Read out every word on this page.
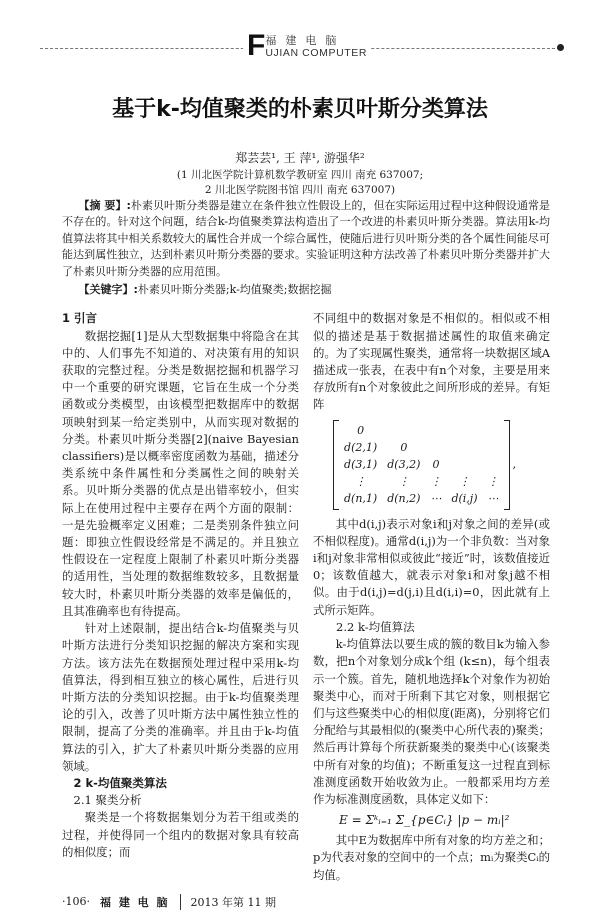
F 福建电脑
UJIAN COMPUTER
基于k-均值聚类的朴素贝叶斯分类算法
郑芸芸¹, 王 萍¹, 游强华²
(1 川北医学院计算机数学教研室 四川 南充 637007;
2 川北医学院图书馆 四川 南充 637007)
【摘 要】:朴素贝叶斯分类器是建立在条件独立性假设上的，但在实际运用过程中这种假设通常是不存在的。针对这个问题，结合k-均值聚类算法构造出了一个改进的朴素贝叶斯分类器。算法用k-均值算法将其中相关系数较大的属性合并成一个综合属性，使随后进行贝叶斯分类的各个属性间能尽可能达到属性独立，达到朴素贝叶斯分类器的要求。实验证明这种方法改善了朴素贝叶斯分类器并扩大了朴素贝叶斯分类器的应用范围。
【关键字】:朴素贝叶斯分类器;k-均值聚类;数据挖掘
1 引言

数据挖掘[1]是从大型数据集中将隐含在其中的、人们事先不知道的、对决策有用的知识获取的完整过程。分类是数据挖掘和机器学习中一个重要的研究课题，它旨在生成一个分类函数或分类模型，由该模型把数据库中的数据项映射到某一给定类别中，从而实现对数据的分类。朴素贝叶斯分类器[2](naive Bayesian classifiers)是以概率密度函数为基础，描述分类系统中条件属性和分类属性之间的映射关系。贝叶斯分类器的优点是出错率较小，但实际上在使用过程中主要存在两个方面的限制：一是先验概率定义困难；二是类别条件独立问题：即独立性假设经常是不满足的。并且独立性假设在一定程度上限制了朴素贝叶斯分类器的适用性，当处理的数据维数较多，且数据量较大时，朴素贝叶斯分类器的效率是偏低的，且其准确率也有待提高。

针对上述限制，提出结合k-均值聚类与贝叶斯方法进行分类知识挖掘的解决方案和实现方法。该方法先在数据预处理过程中采用k-均值算法，得到相互独立的核心属性，后进行贝叶斯方法的分类知识挖掘。由于k-均值聚类理论的引入，改善了贝叶斯方法中属性独立性的限制，提高了分类的准确率。并且由于k-均值算法的引入，扩大了朴素贝叶斯分类器的应用领域。

2 k-均值聚类算法
2.1 聚类分析

聚类是一个将数据集划分为若干组或类的过程，并使得同一个组内的数据对象具有较高的相似度；而

不同组中的数据对象是不相似的。相似或不相似的描述是基于数据描述属性的取值来确定的。为了实现属性聚类，通常将一块数据区域A描述成一张表，在表中有n个对象，主要是用来存放所有n个对象彼此之间所形成的差异。有矩阵

0				
d(2,1)	0			
d(3,1)	d(3,2)	0		
⋮	⋮	⋮	⋮	⋮
d(n,1)	d(n,2)	⋯	d(i,j)	⋯
,

其中d(i,j)表示对象i和j对象之间的差异(或不相似程度)。通常d(i,j)为一个非负数：当对象i和j对象非常相似或彼此“接近”时，该数值接近0；该数值越大，就表示对象i和对象j越不相似。由于d(i,j)=d(j,i)且d(i,i)=0，因此就有上式所示矩阵。

2.2 k-均值算法

k-均值算法以要生成的簇的数目k为输入参数，把n个对象划分成k个组 (k≤n)，每个组表示一个簇。首先，随机地选择k个对象作为初始聚类中心，而对于所剩下其它对象，则根据它们与这些聚类中心的相似度(距离)，分别将它们分配给与其最相似的(聚类中心所代表的)聚类；然后再计算每个所获新聚类的聚类中心(该聚类中所有对象的均值)；不断重复这一过程直到标准测度函数开始收敛为止。一般都采用均方差作为标准测度函数，具体定义如下：

E = Σᵏᵢ₌₁ Σ_{p∈Cᵢ} |p − mᵢ|²

其中E为数据库中所有对象的均方差之和；p为代表对象的空间中的一个点；mᵢ为聚类Cᵢ的均值。

·106· 福 建 电 脑 2013 年第 11 期
